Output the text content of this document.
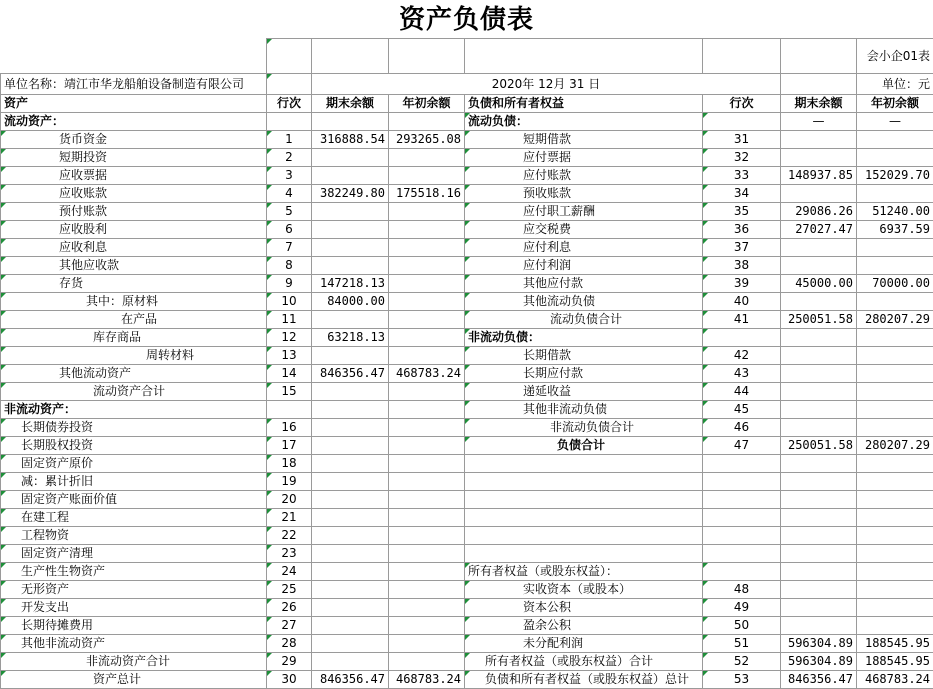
资产负债表
							会小企01表
单位名称：靖江市华龙船舶设备制造有限公司		2020年 12月 31 日					单位：元
资产	行次	期末余额	年初余额	负债和所有者权益	行次	期末余额	年初余额
流动资产：				流动负债：		—	—
货币资金	1	316888.54	293265.08	短期借款	31		
短期投资	2			应付票据	32		
应收票据	3			应付账款	33	148937.85	152029.70
应收账款	4	382249.80	175518.16	预收账款	34		
预付账款	5			应付职工薪酬	35	29086.26	51240.00
应收股利	6			应交税费	36	27027.47	6937.59
应收利息	7			应付利息	37		
其他应收款	8			应付利润	38		
存货	9	147218.13		其他应付款	39	45000.00	70000.00
其中：原材料	10	84000.00		其他流动负债	40		
在产品	11			流动负债合计	41	250051.58	280207.29
库存商品	12	63218.13		非流动负债：			
周转材料	13			长期借款	42		
其他流动资产	14	846356.47	468783.24	长期应付款	43		
流动资产合计	15			递延收益	44		
非流动资产：				其他非流动负债	45		
长期债券投资	16			非流动负债合计	46		
长期股权投资	17			负债合计	47	250051.58	280207.29
固定资产原价	18						
减：累计折旧	19						
固定资产账面价值	20						
在建工程	21						
工程物资	22						
固定资产清理	23						
生产性生物资产	24			所有者权益（或股东权益）：			
无形资产	25			实收资本（或股本）	48		
开发支出	26			资本公积	49		
长期待摊费用	27			盈余公积	50		
其他非流动资产	28			未分配利润	51	596304.89	188545.95
非流动资产合计	29			所有者权益（或股东权益）合计	52	596304.89	188545.95
资产总计	30	846356.47	468783.24	负债和所有者权益（或股东权益）总计	53	846356.47	468783.24
